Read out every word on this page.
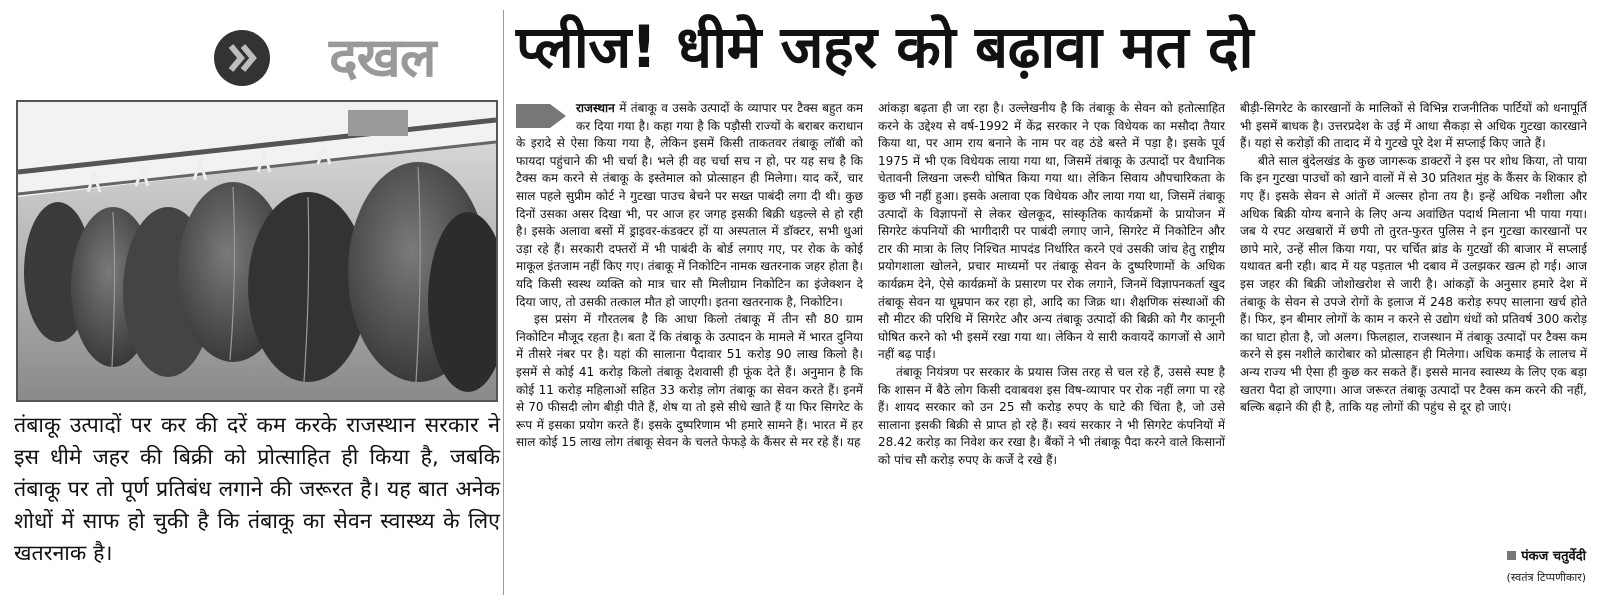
दखल
तंबाकू उत्पादों पर कर की दरें कम करके राजस्थान सरकार ने इस धीमे जहर की बिक्री को प्रोत्साहित ही किया है, जबकि तंबाकू पर तो पूर्ण प्रतिबंध लगाने की जरूरत है। यह बात अनेक शोधों में साफ हो चुकी है कि तंबाकू का सेवन स्वास्थ्य के लिए खतरनाक है।
प्लीज! धीमे जहर को बढ़ावा मत दो

राजस्थान में तंबाकू व उसके उत्पादों के व्यापार पर टैक्स बहुत कम कर दिया गया है। कहा गया है कि पड़ौसी राज्यों के बराबर कराधान के इरादे से ऐसा किया गया है, लेकिन इसमें किसी ताकतवर तंबाकू लॉबी को फायदा पहुंचाने की भी चर्चा है। भले ही वह चर्चा सच न हो, पर यह सच है कि टैक्स कम करने से तंबाकू के इस्तेमाल को प्रोत्साहन ही मिलेगा। याद करें, चार साल पहले सुप्रीम कोर्ट ने गुटखा पाउच बेचने पर सख्त पाबंदी लगा दी थी। कुछ दिनों उसका असर दिखा भी, पर आज हर जगह इसकी बिक्री धड़ल्ले से हो रही है। इसके अलावा बसों में ड्राइवर-कंडक्टर हों या अस्पताल में डॉक्टर, सभी धुआं उड़ा रहे हैं। सरकारी दफ्तरों में भी पाबंदी के बोर्ड लगाए गए, पर रोक के कोई माकूल इंतजाम नहीं किए गए। तंबाकू में निकोटिन नामक खतरनाक जहर होता है। यदि किसी स्वस्थ व्यक्ति को मात्र चार सौ मिलीग्राम निकोटिन का इंजेक्शन दे दिया जाए, तो उसकी तत्काल मौत हो जाएगी। इतना खतरनाक है, निकोटिन।

इस प्रसंग में गौरतलब है कि आधा किलो तंबाकू में तीन सौ 80 ग्राम निकोटिन मौजूद रहता है। बता दें कि तंबाकू के उत्पादन के मामले में भारत दुनिया में तीसरे नंबर पर है। यहां की सालाना पैदावार 51 करोड़ 90 लाख किलो है। इसमें से कोई 41 करोड़ किलो तंबाकू देशवासी ही फूंक देते हैं। अनुमान है कि कोई 11 करोड़ महिलाओं सहित 33 करोड़ लोग तंबाकू का सेवन करते हैं। इनमें से 70 फीसदी लोग बीड़ी पीते हैं, शेष या तो इसे सीधे खाते हैं या फिर सिगरेट के रूप में इसका प्रयोग करते हैं। इसके दुष्परिणाम भी हमारे सामने हैं। भारत में हर साल कोई 15 लाख लोग तंबाकू सेवन के चलते फेफड़े के कैंसर से मर रहे हैं। यह

आंकड़ा बढ़ता ही जा रहा है। उल्लेखनीय है कि तंबाकू के सेवन को हतोत्साहित करने के उद्देश्य से वर्ष-1992 में केंद्र सरकार ने एक विधेयक का मसौदा तैयार किया था, पर आम राय बनाने के नाम पर वह ठंडे बस्ते में पड़ा है। इसके पूर्व 1975 में भी एक विधेयक लाया गया था, जिसमें तंबाकू के उत्पादों पर वैधानिक चेतावनी लिखना जरूरी घोषित किया गया था। लेकिन सिवाय औपचारिकता के कुछ भी नहीं हुआ। इसके अलावा एक विधेयक और लाया गया था, जिसमें तंबाकू उत्पादों के विज्ञापनों से लेकर खेलकूद, सांस्कृतिक कार्यक्रमों के प्रायोजन में सिगरेट कंपनियों की भागीदारी पर पाबंदी लगाए जाने, सिगरेट में निकोटिन और टार की मात्रा के लिए निश्चित मापदंड निर्धारित करने एवं उसकी जांच हेतु राष्ट्रीय प्रयोगशाला खोलने, प्रचार माध्यमों पर तंबाकू सेवन के दुष्परिणामों के अधिक कार्यक्रम देने, ऐसे कार्यक्रमों के प्रसारण पर रोक लगाने, जिनमें विज्ञापनकर्ता खुद तंबाकू सेवन या धूम्रपान कर रहा हो, आदि का जिक्र था। शैक्षणिक संस्थाओं की सौ मीटर की परिधि में सिगरेट और अन्य तंबाकू उत्पादों की बिक्री को गैर कानूनी घोषित करने को भी इसमें रखा गया था। लेकिन ये सारी कवायदें कागजों से आगे नहीं बढ़ पाईं।

तंबाकू नियंत्रण पर सरकार के प्रयास जिस तरह से चल रहे हैं, उससे स्पष्ट है कि शासन में बैठे लोग किसी दवाबवश इस विष-व्यापार पर रोक नहीं लगा पा रहे हैं। शायद सरकार को उन 25 सौ करोड़ रुपए के घाटे की चिंता है, जो उसे सालाना इसकी बिक्री से प्राप्त हो रहे हैं। स्वयं सरकार ने भी सिगरेट कंपनियों में 28.42 करोड़ का निवेश कर रखा है। बैंकों ने भी तंबाकू पैदा करने वाले किसानों को पांच सौ करोड़ रुपए के कर्जे दे रखे हैं।

बीड़ी-सिगरेट के कारखानों के मालिकों से विभिन्न राजनीतिक पार्टियों को धनापूर्ति भी इसमें बाधक है। उत्तरप्रदेश के उई में आधा सैकड़ा से अधिक गुटखा कारखाने हैं। यहां से करोड़ों की तादाद में ये गुटखे पूरे देश में सप्लाई किए जाते हैं।

बीते साल बुंदेलखंड के कुछ जागरूक डाक्टरों ने इस पर शोध किया, तो पाया कि इन गुटखा पाउचों को खाने वालों में से 30 प्रतिशत मुंह के कैंसर के शिकार हो गए हैं। इसके सेवन से आंतों में अल्सर होना तय है। इन्हें अधिक नशीला और अधिक बिक्री योग्य बनाने के लिए अन्य अवांछित पदार्थ मिलाना भी पाया गया। जब ये रपट अखबारों में छपी तो तुरत-फुरत पुलिस ने इन गुटखा कारखानों पर छापे मारे, उन्हें सील किया गया, पर चर्चित ब्रांड के गुटखों की बाजार में सप्लाई यथावत बनी रही। बाद में यह पड़ताल भी दबाव में उलझकर खत्म हो गई। आज इस जहर की बिक्री जोशोखरोश से जारी है। आंकड़ों के अनुसार हमारे देश में तंबाकू के सेवन से उपजे रोगों के इलाज में 248 करोड़ रुपए सालाना खर्च होते हैं। फिर, इन बीमार लोगों के काम न करने से उद्योग धंधों को प्रतिवर्ष 300 करोड़ का घाटा होता है, जो अलग। फिलहाल, राजस्थान में तंबाकू उत्पादों पर टैक्स कम करने से इस नशीले कारोबार को प्रोत्साहन ही मिलेगा। अधिक कमाई के लालच में अन्य राज्य भी ऐसा ही कुछ कर सकते हैं। इससे मानव स्वास्थ्य के लिए एक बड़ा खतरा पैदा हो जाएगा। आज जरूरत तंबाकू उत्पादों पर टैक्स कम करने की नहीं, बल्कि बढ़ाने की ही है, ताकि यह लोगों की पहुंच से दूर हो जाएं।

पंकज चतुर्वेदी
(स्वतंत्र टिप्पणीकार)
